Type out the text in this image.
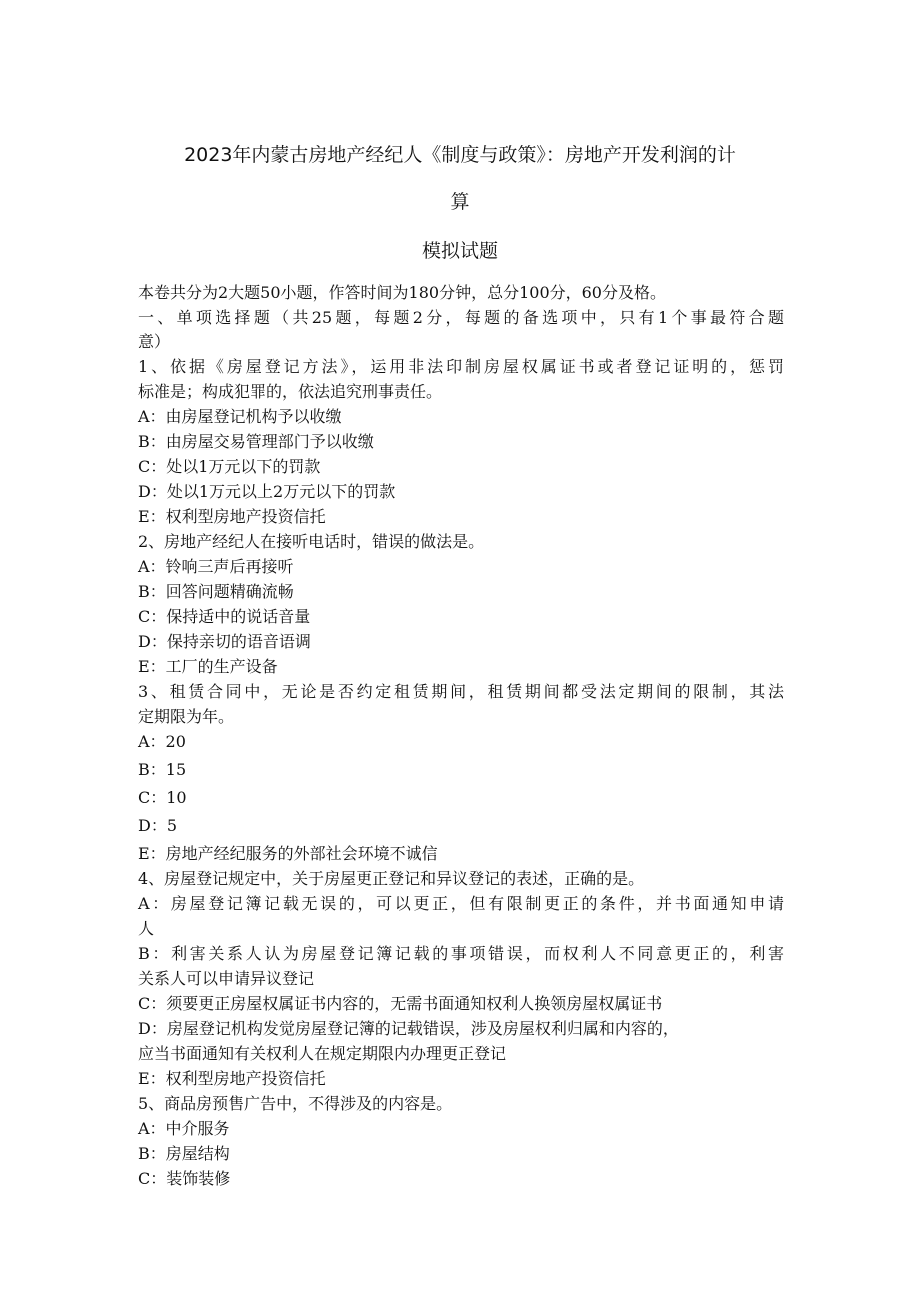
2023年内蒙古房地产经纪人《制度与政策》：房地产开发利润的计
算
模拟试题
本卷共分为2大题50小题，作答时间为180分钟，总分100分，60分及格。
一、单项选择题（共25题，每题2分，每题的备选项中，只有1个事最符合题
意）
1、依据《房屋登记方法》，运用非法印制房屋权属证书或者登记证明的，惩罚
标准是；构成犯罪的，依法追究刑事责任。
A：由房屋登记机构予以收缴
B：由房屋交易管理部门予以收缴
C：处以1万元以下的罚款
D：处以1万元以上2万元以下的罚款
E：权利型房地产投资信托
2、房地产经纪人在接听电话时，错误的做法是。
A：铃响三声后再接听
B：回答问题精确流畅
C：保持适中的说话音量
D：保持亲切的语音语调
E：工厂的生产设备
3、租赁合同中，无论是否约定租赁期间，租赁期间都受法定期间的限制，其法
定期限为年。
A：20
B：15
C：10
D：5
E：房地产经纪服务的外部社会环境不诚信
4、房屋登记规定中，关于房屋更正登记和异议登记的表述，正确的是。
A：房屋登记簿记载无误的，可以更正，但有限制更正的条件，并书面通知申请
人
B：利害关系人认为房屋登记簿记载的事项错误，而权利人不同意更正的，利害
关系人可以申请异议登记
C：须要更正房屋权属证书内容的，无需书面通知权利人换领房屋权属证书
D：房屋登记机构发觉房屋登记簿的记载错误，涉及房屋权利归属和内容的，
应当书面通知有关权利人在规定期限内办理更正登记
E：权利型房地产投资信托
5、商品房预售广告中，不得涉及的内容是。
A：中介服务
B：房屋结构
C：装饰装修
